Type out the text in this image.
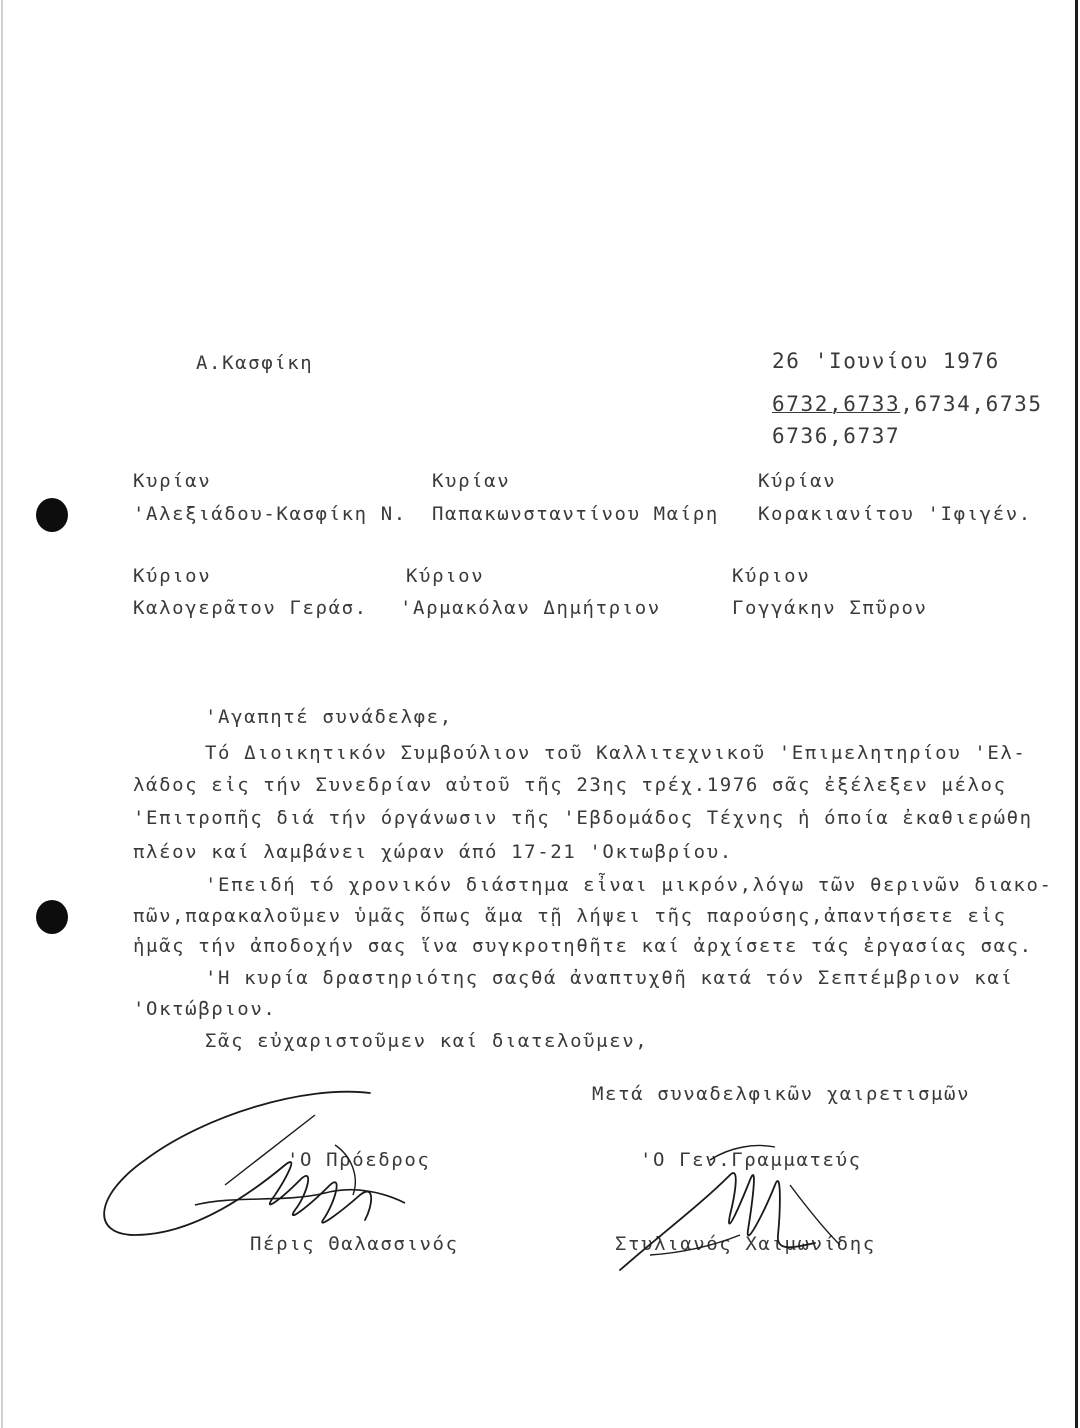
Α.Κασφίκη	26 'Ιουνίου 1976
6732,6733,6734,6735
6736,6737
Κυρίαν
'Αλεξιάδου-Κασφίκη Ν.
Κυρίαν
Παπακωνσταντίνου Μαίρη
Κύρίαν
Κορακιανίτου 'Ιφιγέν.
Κύριον
Καλογερᾶτον Γεράσ.
Κύριον
'Αρμακόλαν Δημήτριον
Κύριον
Γογγάκην Σπῦρον
'Αγαπητέ συνάδελφε,
Τό Διοικητικόν Συμβούλιον τοῦ Καλλιτεχνικοῦ 'Επιμελητηρίου 'Ελ-
λάδος εἰς τήν Συνεδρίαν αὐτοῦ τῆς 23ης τρέχ.1976 σᾶς ἐξέλεξεν μέλος
'Επιτροπῆς διά τήν όργάνωσιν τῆς 'Εβδομάδος Τέχνης ἡ όποία ἐκαθιερώθη
πλέον καί λαμβάνει χώραν άπό 17-21 'Οκτωβρίου.
'Επειδή τό χρονικόν διάστημα εἶναι μικρόν,λόγω τῶν θερινῶν διακο-
πῶν,παρακαλοῦμεν ὑμᾶς ὅπως ἅμα τῇ λήψει τῆς παρούσης,ἀπαντήσετε εἰς
ἡμᾶς τήν ἀποδοχήν σας ἵνα συγκροτηθῆτε καί ἀρχίσετε τάς ἐργασίας σας.
'Η κυρία δραστηριότης σαςθά ἀναπτυχθῆ κατά τόν Σεπτέμβριον καί
'Οκτώβριον.
Σᾶς εὐχαριστοῦμεν καί διατελοῦμεν,
Μετά συναδελφικῶν χαιρετισμῶν
'Ο Πρόεδρος
Πέρις Θαλασσινός
'Ο Γεν.Γραμματεύς
Στυλιανός Χαιμωνίδης
